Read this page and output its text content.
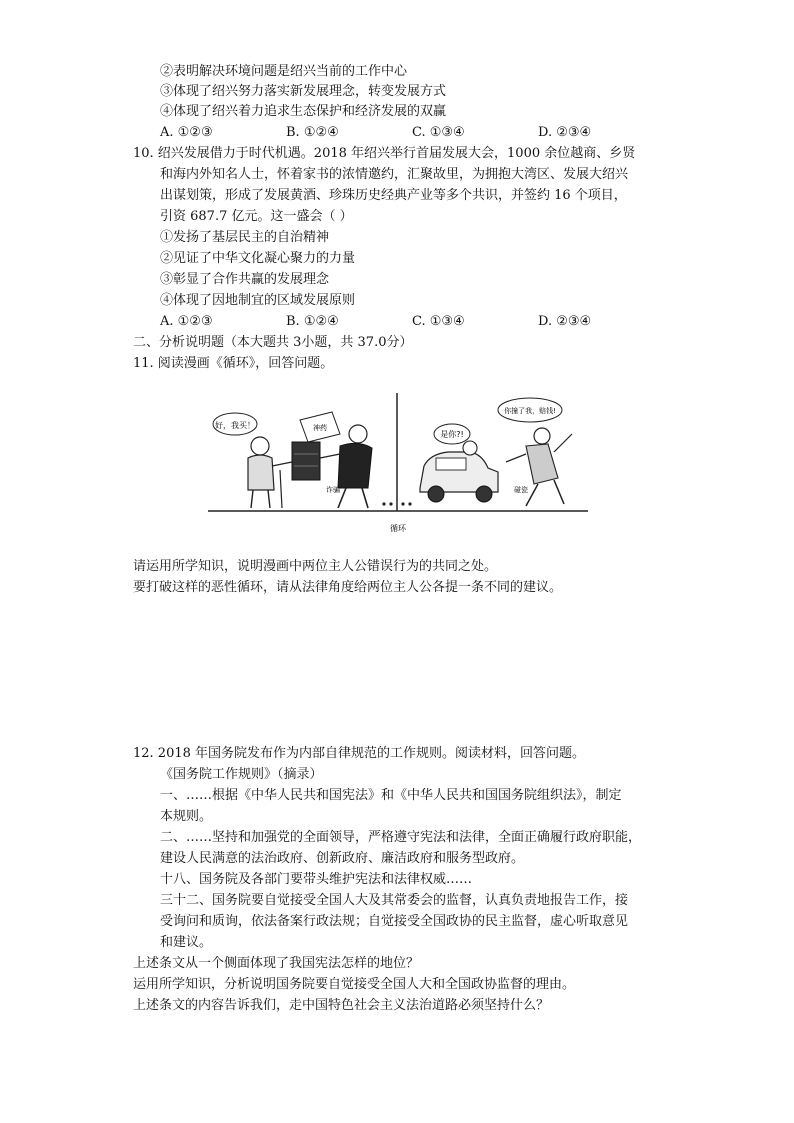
②表明解决环境问题是绍兴当前的工作中心
③体现了绍兴努力落实新发展理念，转变发展方式
④体现了绍兴着力追求生态保护和经济发展的双赢
A. ①②③	B. ①②④	C. ①③④	D. ②③④
10. 绍兴发展借力于时代机遇。2018 年绍兴举行首届发展大会，1000 余位越商、乡贤
和海内外知名人士，怀着家书的浓情邀约，汇聚故里，为拥抱大湾区、发展大绍兴
出谋划策，形成了发展黄酒、珍珠历史经典产业等多个共识，并签约 16 个项目，
引资 687.7 亿元。这一盛会（ ）
①发扬了基层民主的自治精神
②见证了中华文化凝心聚力的力量
③彰显了合作共赢的发展理念
④体现了因地制宜的区域发展原则
A. ①②③	B. ①②④	C. ①③④	D. ②③④
二、分析说明题（本大题共 3小题，共 37.0分）
11. 阅读漫画《循环》，回答问题。
好，我买！	神药
诈骗
是你?!
你撞了我，赔钱!
碰瓷
循环
请运用所学知识，说明漫画中两位主人公错误行为的共同之处。
要打破这样的恶性循环，请从法律角度给两位主人公各提一条不同的建议。
12. 2018 年国务院发布作为内部自律规范的工作规则。阅读材料，回答问题。
《国务院工作规则》（摘录）
一、……根据《中华人民共和国宪法》和《中华人民共和国国务院组织法》，制定
本规则。
二、……坚持和加强党的全面领导，严格遵守宪法和法律，全面正确履行政府职能，
建设人民满意的法治政府、创新政府、廉洁政府和服务型政府。
十八、国务院及各部门要带头维护宪法和法律权威……
三十二、国务院要自觉接受全国人大及其常委会的监督，认真负责地报告工作，接
受询问和质询，依法备案行政法规；自觉接受全国政协的民主监督，虚心听取意见
和建议。
上述条文从一个侧面体现了我国宪法怎样的地位？
运用所学知识，分析说明国务院要自觉接受全国人大和全国政协监督的理由。
上述条文的内容告诉我们，走中国特色社会主义法治道路必须坚持什么？
